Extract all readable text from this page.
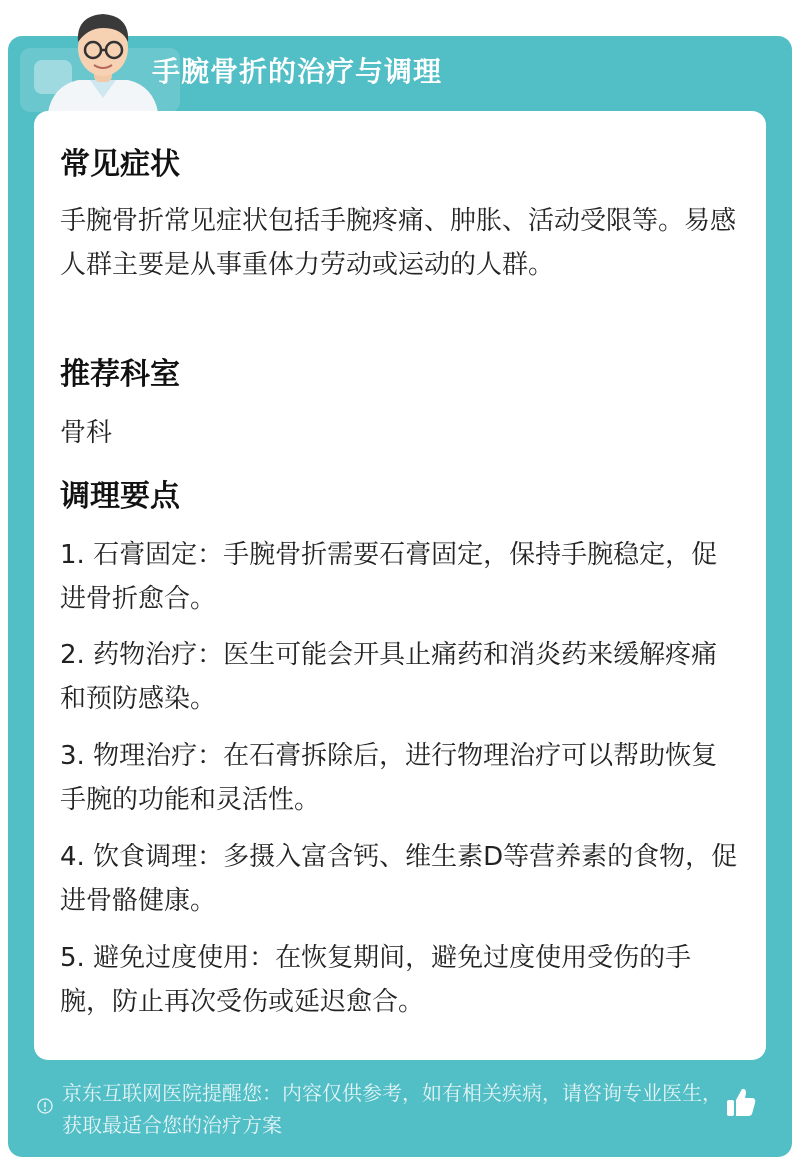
手腕骨折的治疗与调理
常见症状
手腕骨折常见症状包括手腕疼痛、肿胀、活动受限等。易感人群主要是从事重体力劳动或运动的人群。
推荐科室
骨科
调理要点
1. 石膏固定：手腕骨折需要石膏固定，保持手腕稳定，促进骨折愈合。
2. 药物治疗：医生可能会开具止痛药和消炎药来缓解疼痛和预防感染。
3. 物理治疗：在石膏拆除后，进行物理治疗可以帮助恢复手腕的功能和灵活性。
4. 饮食调理：多摄入富含钙、维生素D等营养素的食物，促进骨骼健康。
5. 避免过度使用：在恢复期间，避免过度使用受伤的手腕，防止再次受伤或延迟愈合。
京东互联网医院提醒您：内容仅供参考，如有相关疾病，请咨询专业医生，获取最适合您的治疗方案
